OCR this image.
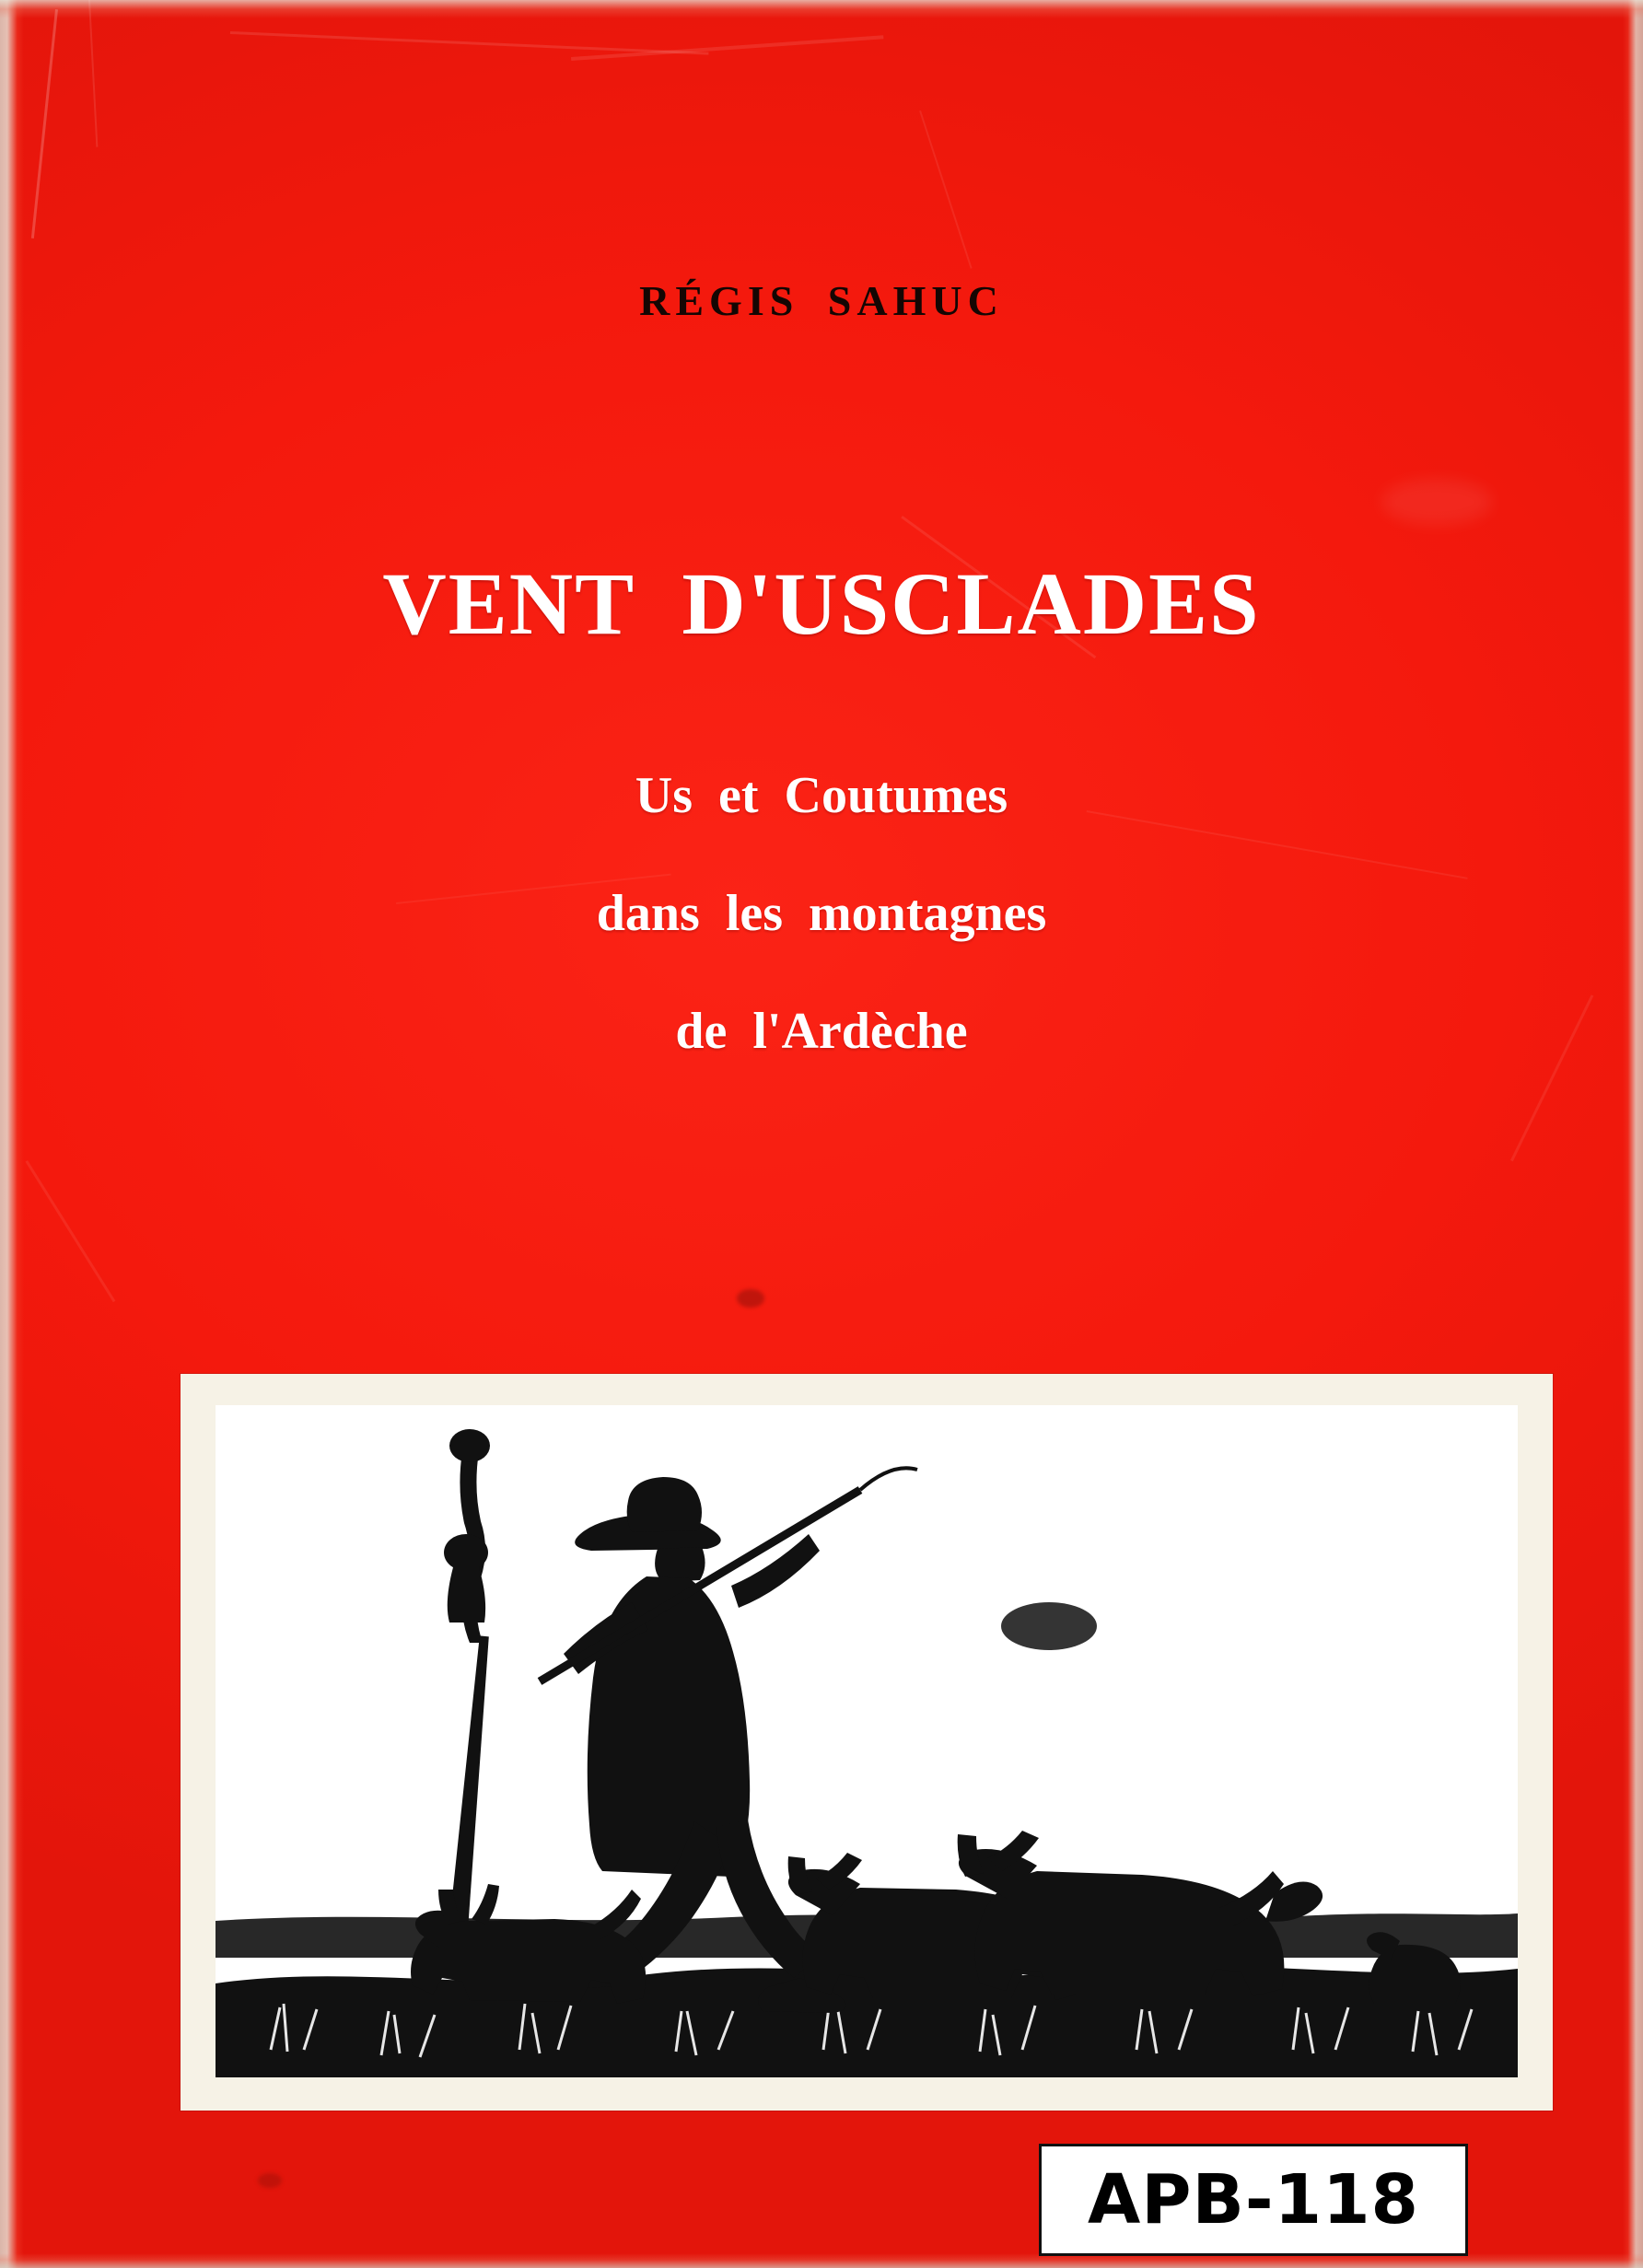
RÉGIS SAHUC
VENT D'USCLADES
Us et Coutumes
dans les montagnes
de l'Ardèche
APB-118
